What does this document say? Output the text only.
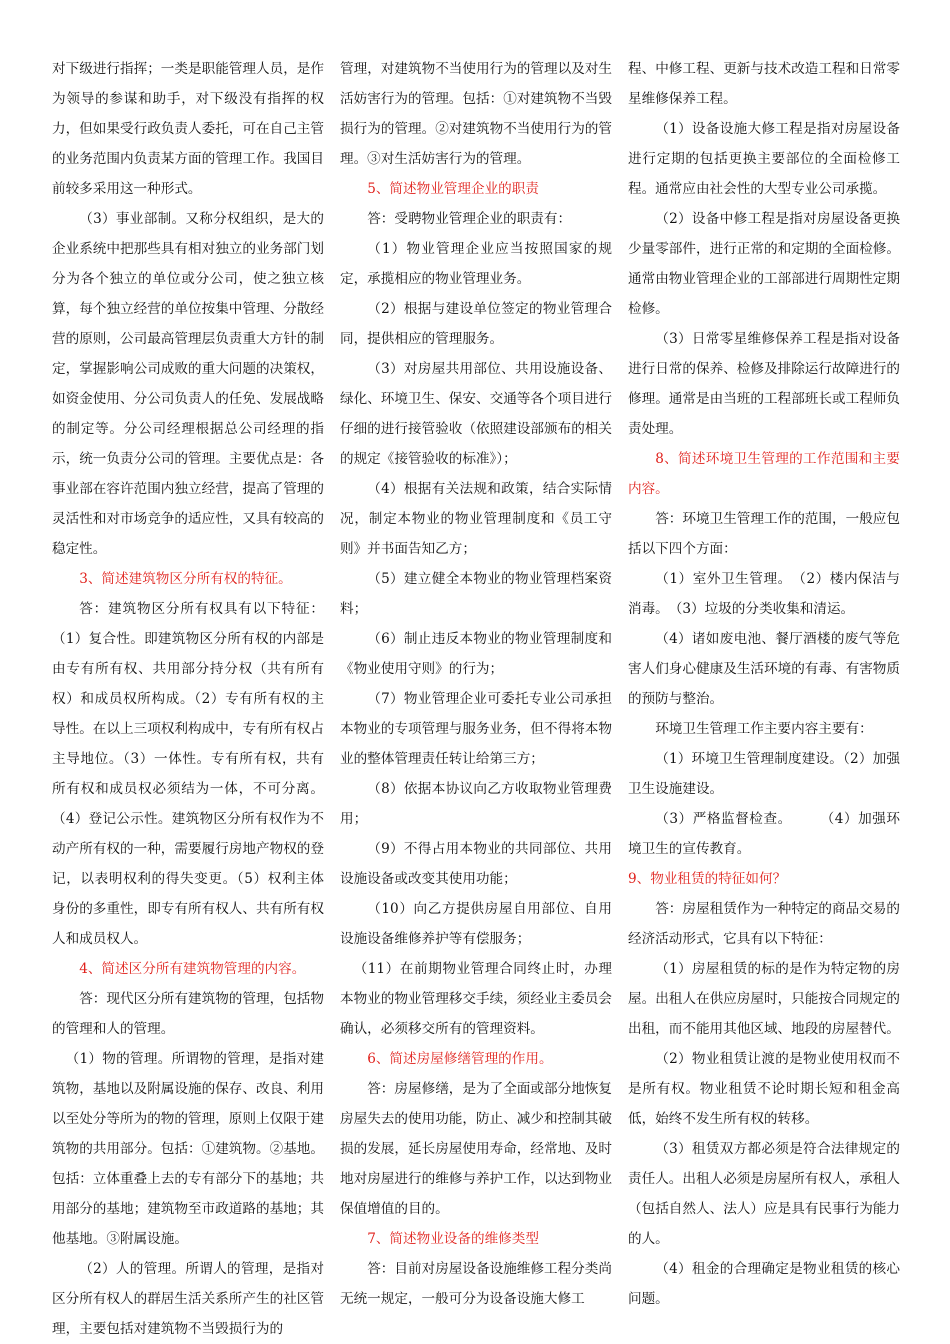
对下级进行指挥；一类是职能管理人员，是作为领导的参谋和助手，对下级没有指挥的权力，但如果受行政负责人委托，可在自己主管的业务范围内负责某方面的管理工作。我国目前较多采用这一种形式。

（3）事业部制。又称分权组织，是大的企业系统中把那些具有相对独立的业务部门划分为各个独立的单位或分公司，使之独立核算，每个独立经营的单位按集中管理、分散经营的原则，公司最高管理层负责重大方针的制定，掌握影响公司成败的重大问题的决策权，如资金使用、分公司负责人的任免、发展战略的制定等。分公司经理根据总公司经理的指示，统一负责分公司的管理。主要优点是：各事业部在容许范围内独立经营，提高了管理的灵活性和对市场竞争的适应性，又具有较高的稳定性。

3、简述建筑物区分所有权的特征。

答：建筑物区分所有权具有以下特征：（1）复合性。即建筑物区分所有权的内部是由专有所有权、共用部分持分权（共有所有权）和成员权所构成。（2）专有所有权的主导性。在以上三项权利构成中，专有所有权占主导地位。（3）一体性。专有所有权，共有所有权和成员权必须结为一体，不可分离。（4）登记公示性。建筑物区分所有权作为不动产所有权的一种，需要履行房地产物权的登记，以表明权利的得失变更。（5）权利主体身份的多重性，即专有所有权人、共有所有权人和成员权人。

4、简述区分所有建筑物管理的内容。

答：现代区分所有建筑物的管理，包括物的管理和人的管理。

（1）物的管理。所谓物的管理，是指对建筑物，基地以及附属设施的保存、改良、利用以至处分等所为的物的管理，原则上仅限于建筑物的共用部分。包括：①建筑物。②基地。包括：立体重叠上去的专有部分下的基地；共用部分的基地；建筑物至市政道路的基地；其他基地。③附属设施。

（2）人的管理。所谓人的管理，是指对区分所有权人的群居生活关系所产生的社区管理，主要包括对建筑物不当毁损行为的

管理，对建筑物不当使用行为的管理以及对生活妨害行为的管理。包括：①对建筑物不当毁损行为的管理。②对建筑物不当使用行为的管理。③对生活妨害行为的管理。

5、简述物业管理企业的职责

答：受聘物业管理企业的职责有：

（1）物业管理企业应当按照国家的规定，承揽相应的物业管理业务。

（2）根据与建设单位签定的物业管理合同，提供相应的管理服务。

（3）对房屋共用部位、共用设施设备、绿化、环境卫生、保安、交通等各个项目进行仔细的进行接管验收（依照建设部颁布的相关的规定《接管验收的标准》）；

（4）根据有关法规和政策，结合实际情况，制定本物业的物业管理制度和《员工守则》并书面告知乙方；

（5）建立健全本物业的物业管理档案资料；

（6）制止违反本物业的物业管理制度和《物业使用守则》的行为；

（7）物业管理企业可委托专业公司承担本物业的专项管理与服务业务，但不得将本物业的整体管理责任转让给第三方；

（8）依据本协议向乙方收取物业管理费用；

（9）不得占用本物业的共同部位、共用设施设备或改变其使用功能；

（10）向乙方提供房屋自用部位、自用设施设备维修养护等有偿服务；

（11）在前期物业管理合同终止时，办理本物业的物业管理移交手续，须经业主委员会确认，必须移交所有的管理资料。

6、简述房屋修缮管理的作用。

答：房屋修缮，是为了全面或部分地恢复房屋失去的使用功能，防止、减少和控制其破损的发展，延长房屋使用寿命，经常地、及时地对房屋进行的维修与养护工作，以达到物业保值增值的目的。

7、简述物业设备的维修类型

答：目前对房屋设备设施维修工程分类尚无统一规定，一般可分为设备设施大修工

程、中修工程、更新与技术改造工程和日常零星维修保养工程。

（1）设备设施大修工程是指对房屋设备进行定期的包括更换主要部位的全面检修工程。通常应由社会性的大型专业公司承揽。

（2）设备中修工程是指对房屋设备更换少量零部件，进行正常的和定期的全面检修。通常由物业管理企业的工部部进行周期性定期检修。

（3）日常零星维修保养工程是指对设备进行日常的保养、检修及排除运行故障进行的修理。通常是由当班的工程部班长或工程师负责处理。

8、简述环境卫生管理的工作范围和主要内容。

答：环境卫生管理工作的范围，一般应包括以下四个方面：

（1）室外卫生管理。　（2）楼内保洁与消毒。　（3）垃圾的分类收集和清运。

（4）诸如废电池、餐厅酒楼的废气等危害人们身心健康及生活环境的有毒、有害物质的预防与整治。

环境卫生管理工作主要内容主要有：

（1）环境卫生管理制度建设。（2）加强卫生设施建设。

（3）严格监督检查。　　　（4）加强环境卫生的宣传教育。

9、物业租赁的特征如何？

答：房屋租赁作为一种特定的商品交易的经济活动形式，它具有以下特征：

（1）房屋租赁的标的是作为特定物的房屋。出租人在供应房屋时，只能按合同规定的出租，而不能用其他区域、地段的房屋替代。

（2）物业租赁让渡的是物业使用权而不是所有权。物业租赁不论时期长短和租金高低，始终不发生所有权的转移。

（3）租赁双方都必须是符合法律规定的责任人。出租人必须是房屋所有权人，承租人（包括自然人、法人）应是具有民事行为能力的人。

（4）租金的合理确定是物业租赁的核心问题。
